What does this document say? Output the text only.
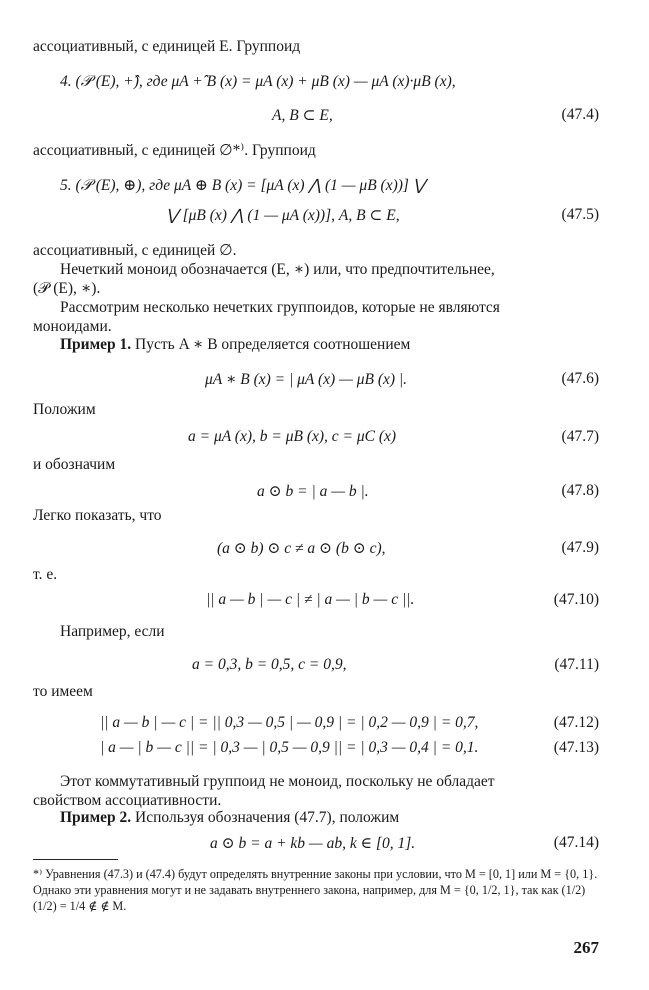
ассоциативный, с единицей E. Группоид
4. (𝒫 (E), +̂), где μA +̂ B (x) = μA (x) + μB (x) — μA (x)·μB (x),
A, B ⊂ E,	(47.4)
ассоциативный, с единицей ∅*⁾. Группоид
5. (𝒫 (E), ⊕), где μA ⊕ B (x) = [μA (x) ⋀ (1 — μB (x))] ⋁
⋁ [μB (x) ⋀ (1 — μA (x))], A, B ⊂ E,	(47.5)
ассоциативный, с единицей ∅.
Нечеткий моноид обозначается (E, ∗) или, что предпочтительнее,
(𝒫 (E), ∗).
Рассмотрим несколько нечетких группоидов, которые не являются
моноидами.
Пример 1. Пусть A ∗ B определяется соотношением
μA ∗ B (x) = | μA (x) — μB (x) |.	(47.6)
Положим
a = μA (x), b = μB (x), c = μC (x)	(47.7)
и обозначим
a ⊙ b = | a — b |.	(47.8)
Легко показать, что
(a ⊙ b) ⊙ c ≠ a ⊙ (b ⊙ c),	(47.9)
т. е.
|| a — b | — c | ≠ | a — | b — c ||.	(47.10)
Например, если
a = 0,3, b = 0,5, c = 0,9,	(47.11)
то имеем
|| a — b | — c | = || 0,3 — 0,5 | — 0,9 | = | 0,2 — 0,9 | = 0,7,	(47.12)
| a — | b — c || = | 0,3 — | 0,5 — 0,9 || = | 0,3 — 0,4 | = 0,1.	(47.13)
Этот коммутативный группоид не моноид, поскольку не обладает
свойством ассоциативности.
Пример 2. Используя обозначения (47.7), положим
a ⊙ b = a + kb — ab, k ∈ [0, 1].	(47.14)
*⁾ Уравнения (47.3) и (47.4) будут определять внутренние законы при условии, что M = [0, 1] или M = {0, 1}. Однако эти уравнения могут и не задавать внутреннего закона, например, для M = {0, 1/2, 1}, так как (1/2) (1/2) = 1/4 ∉ ∉ M.
267
